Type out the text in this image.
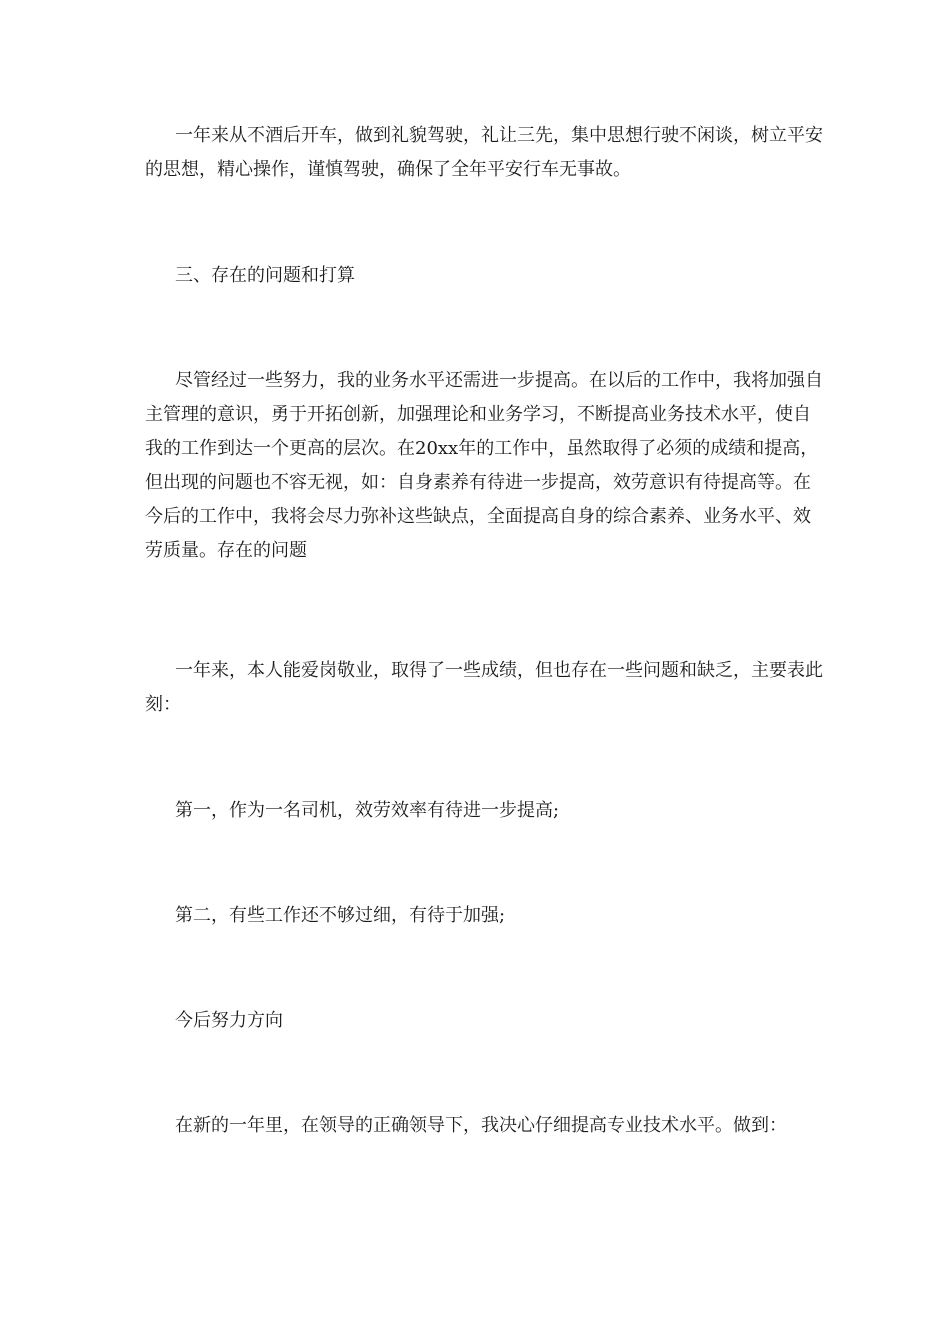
一年来从不酒后开车，做到礼貌驾驶，礼让三先，集中思想行驶不闲谈，树立平安的思想，精心操作，谨慎驾驶，确保了全年平安行车无事故。

三、存在的问题和打算

尽管经过一些努力，我的业务水平还需进一步提高。在以后的工作中，我将加强自主管理的意识，勇于开拓创新，加强理论和业务学习，不断提高业务技术水平，使自我的工作到达一个更高的层次。在20xx年的工作中，虽然取得了必须的成绩和提高，但出现的问题也不容无视，如：自身素养有待进一步提高，效劳意识有待提高等。在今后的工作中，我将会尽力弥补这些缺点，全面提高自身的综合素养、业务水平、效劳质量。存在的问题

一年来，本人能爱岗敬业，取得了一些成绩，但也存在一些问题和缺乏，主要表此刻：

第一，作为一名司机，效劳效率有待进一步提高;

第二，有些工作还不够过细，有待于加强;

今后努力方向

在新的一年里，在领导的正确领导下，我决心仔细提高专业技术水平。做到：
